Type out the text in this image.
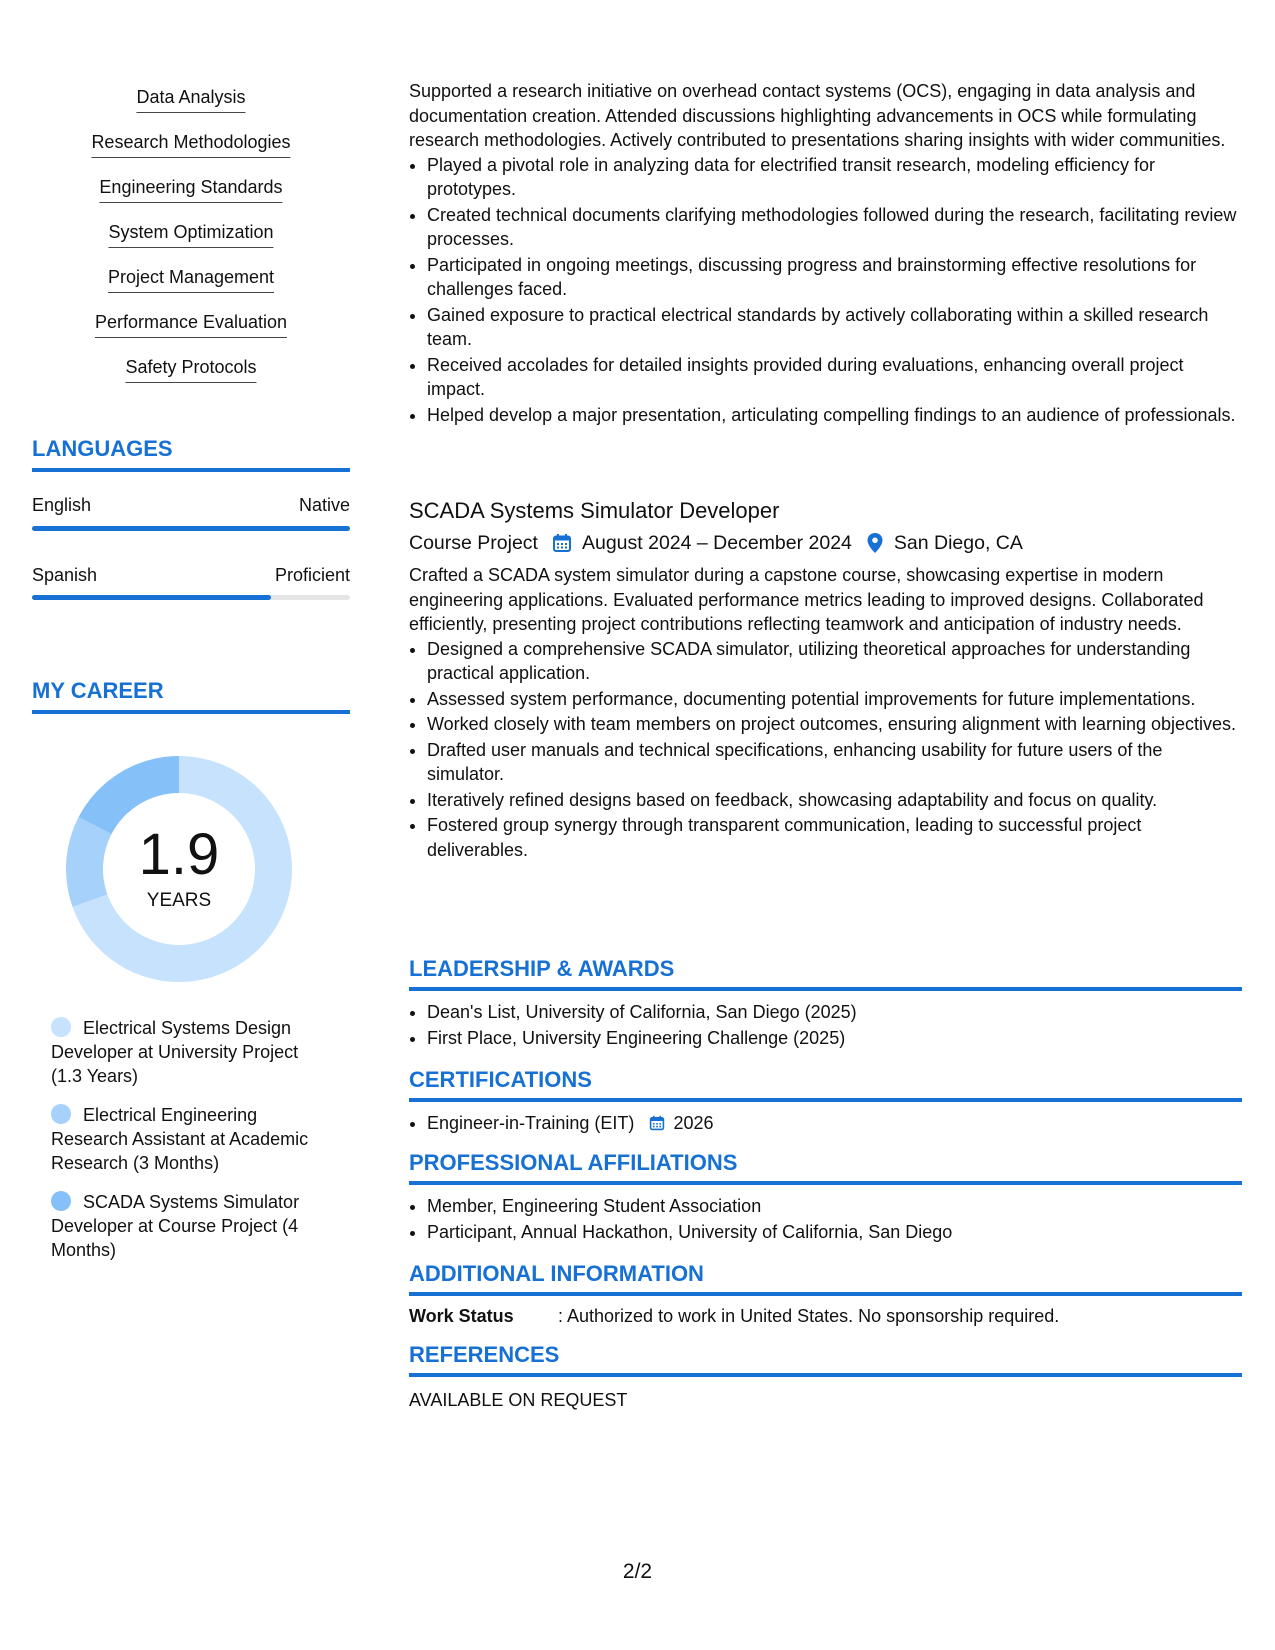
Data Analysis
Research Methodologies
Engineering Standards
System Optimization
Project Management
Performance Evaluation
Safety Protocols
LANGUAGES
English	Native
Spanish	Proficient
MY CAREER
1.9
YEARS
Electrical Systems Design Developer at University Project (1.3 Years)
Electrical Engineering Research Assistant at Academic Research (3 Months)
SCADA Systems Simulator Developer at Course Project (4 Months)

Supported a research initiative on overhead contact systems (OCS), engaging in data analysis and documentation creation. Attended discussions highlighting advancements in OCS while formulating research methodologies. Actively contributed to presentations sharing insights with wider communities.

• Played a pivotal role in analyzing data for electrified transit research, modeling efficiency for prototypes.
• Created technical documents clarifying methodologies followed during the research, facilitating review processes.
• Participated in ongoing meetings, discussing progress and brainstorming effective resolutions for challenges faced.
• Gained exposure to practical electrical standards by actively collaborating within a skilled research team.
• Received accolades for detailed insights provided during evaluations, enhancing overall project impact.
• Helped develop a major presentation, articulating compelling findings to an audience of professionals.
SCADA Systems Simulator Developer
Course Project August 2024 – December 2024 San Diego, CA

Crafted a SCADA system simulator during a capstone course, showcasing expertise in modern engineering applications. Evaluated performance metrics leading to improved designs. Collaborated efficiently, presenting project contributions reflecting teamwork and anticipation of industry needs.

• Designed a comprehensive SCADA simulator, utilizing theoretical approaches for understanding practical application.
• Assessed system performance, documenting potential improvements for future implementations.
• Worked closely with team members on project outcomes, ensuring alignment with learning objectives.
• Drafted user manuals and technical specifications, enhancing usability for future users of the simulator.
• Iteratively refined designs based on feedback, showcasing adaptability and focus on quality.
• Fostered group synergy through transparent communication, leading to successful project deliverables.
LEADERSHIP & AWARDS
• Dean's List, University of California, San Diego (2025)
• First Place, University Engineering Challenge (2025)
CERTIFICATIONS
• Engineer-in-Training (EIT) 2026
PROFESSIONAL AFFILIATIONS
• Member, Engineering Student Association
• Participant, Annual Hackathon, University of California, San Diego
ADDITIONAL INFORMATION
Work Status	: Authorized to work in United States. No sponsorship required.
REFERENCES
AVAILABLE ON REQUEST
2/2
